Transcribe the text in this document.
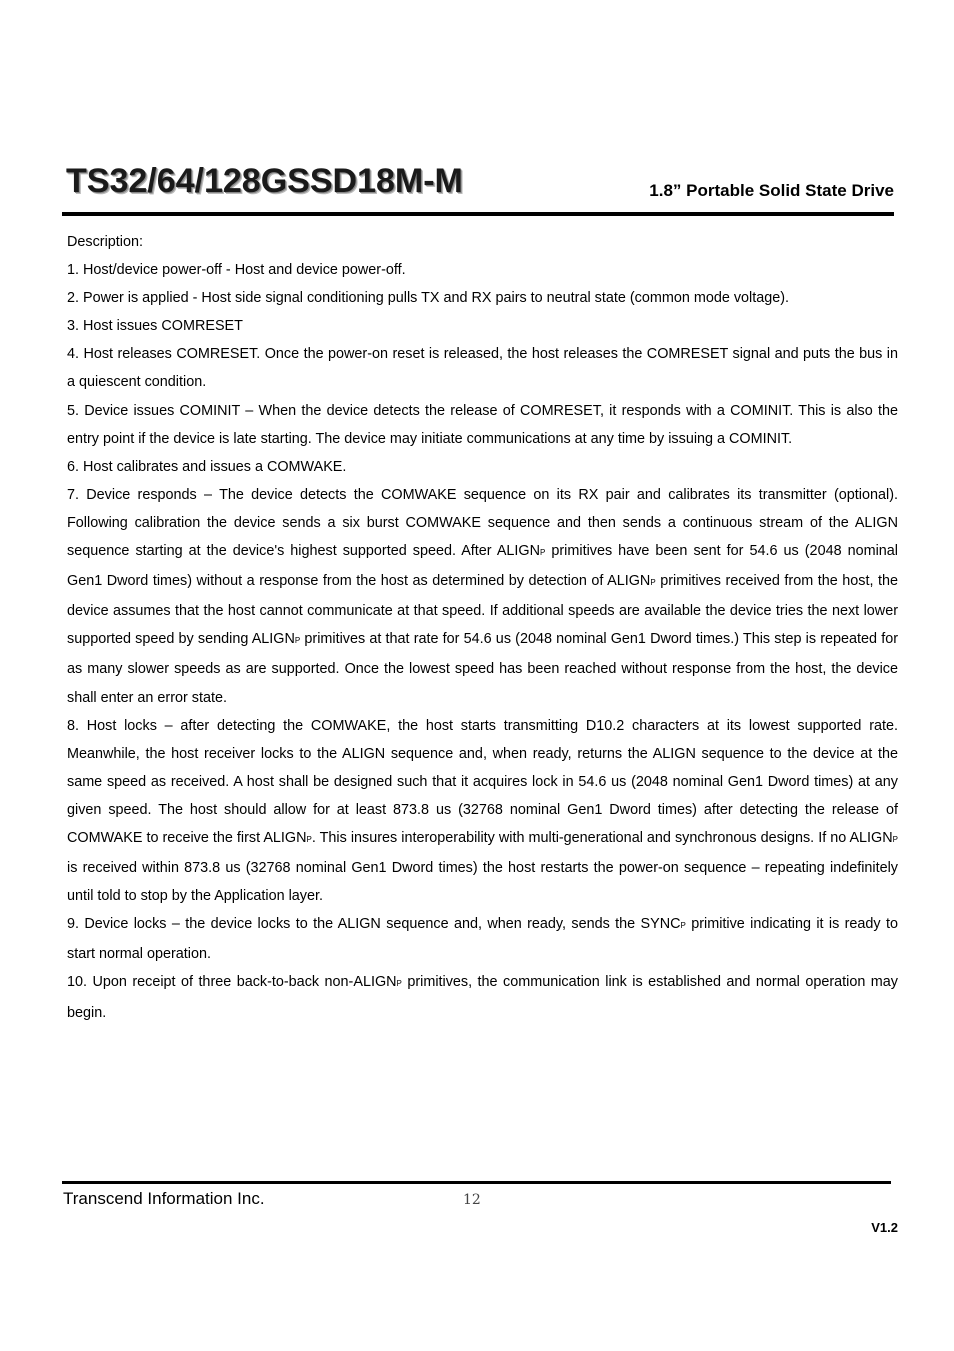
TS32/64/128GSSD18M-M	1.8” Portable Solid State Drive

Description:

1. Host/device power-off - Host and device power-off.

2. Power is applied - Host side signal conditioning pulls TX and RX pairs to neutral state (common mode voltage).

3. Host issues COMRESET

4. Host releases COMRESET. Once the power-on reset is released, the host releases the COMRESET signal and puts the bus in a quiescent condition.

5. Device issues COMINIT – When the device detects the release of COMRESET, it responds with a COMINIT. This is also the entry point if the device is late starting. The device may initiate communications at any time by issuing a COMINIT.

6. Host calibrates and issues a COMWAKE.

7. Device responds – The device detects the COMWAKE sequence on its RX pair and calibrates its transmitter (optional). Following calibration the device sends a six burst COMWAKE sequence and then sends a continuous stream of the ALIGN sequence starting at the device's highest supported speed. After ALIGNP primitives have been sent for 54.6 us (2048 nominal Gen1 Dword times) without a response from the host as determined by detection of ALIGNP primitives received from the host, the device assumes that the host cannot communicate at that speed. If additional speeds are available the device tries the next lower supported speed by sending ALIGNP primitives at that rate for 54.6 us (2048 nominal Gen1 Dword times.) This step is repeated for as many slower speeds as are supported. Once the lowest speed has been reached without response from the host, the device shall enter an error state.

8. Host locks – after detecting the COMWAKE, the host starts transmitting D10.2 characters at its lowest supported rate. Meanwhile, the host receiver locks to the ALIGN sequence and, when ready, returns the ALIGN sequence to the device at the same speed as received. A host shall be designed such that it acquires lock in 54.6 us (2048 nominal Gen1 Dword times) at any given speed. The host should allow for at least 873.8 us (32768 nominal Gen1 Dword times) after detecting the release of COMWAKE to receive the first ALIGNP. This insures interoperability with multi-generational and synchronous designs. If no ALIGNP is received within 873.8 us (32768 nominal Gen1 Dword times) the host restarts the power-on sequence – repeating indefinitely until told to stop by the Application layer.

9. Device locks – the device locks to the ALIGN sequence and, when ready, sends the SYNCP primitive indicating it is ready to start normal operation.

10. Upon receipt of three back-to-back non-ALIGNP primitives, the communication link is established and normal operation may begin.

Transcend Information Inc.	12
V1.2
